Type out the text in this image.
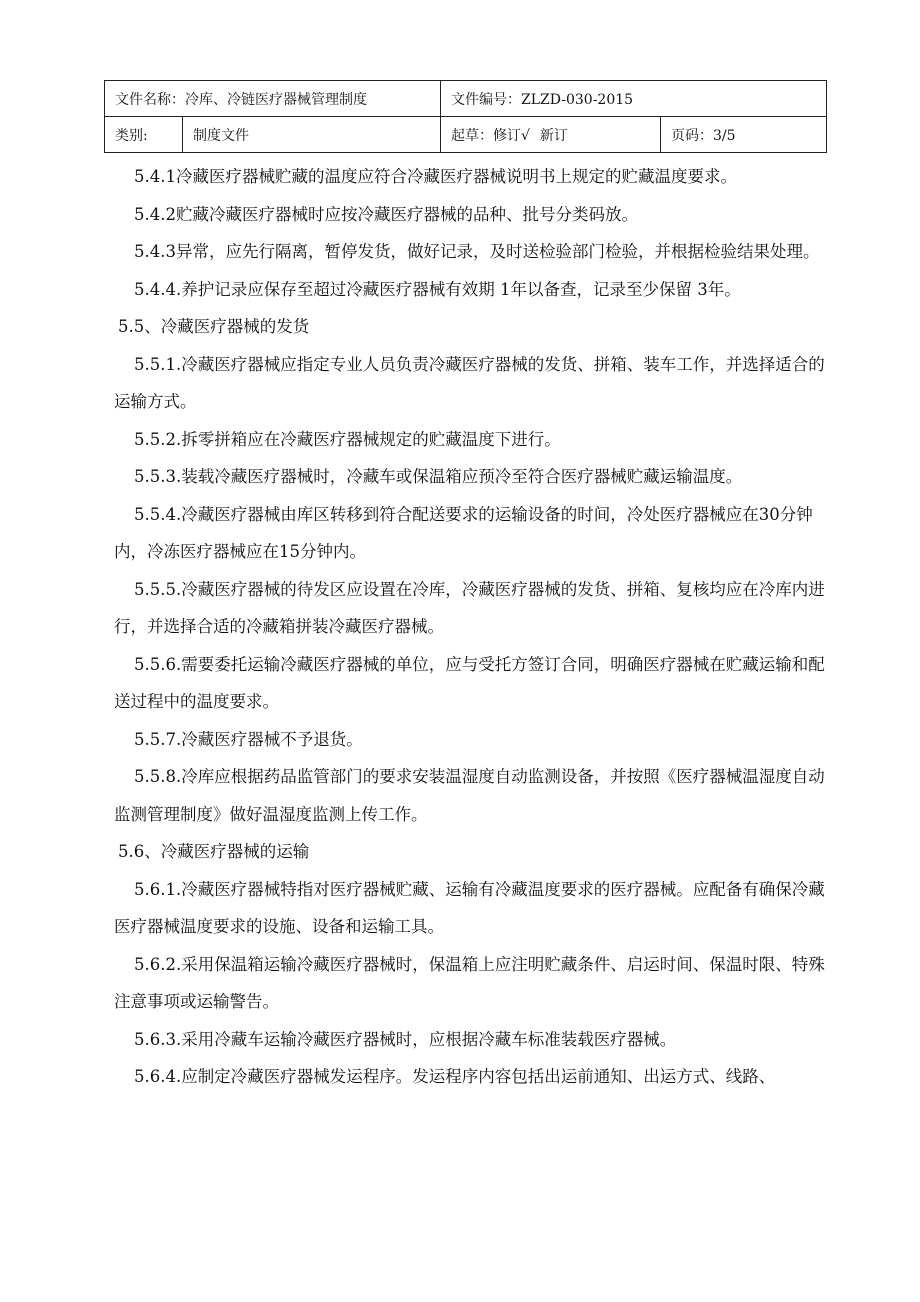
文件名称：冷库、冷链医疗器械管理制度		文件编号：ZLZD-030-2015	
类别:	制度文件	起草：修订√ 新订	页码：3/5

5.4.1冷藏医疗器械贮藏的温度应符合冷藏医疗器械说明书上规定的贮藏温度要求。

5.4.2贮藏冷藏医疗器械时应按冷藏医疗器械的品种、批号分类码放。

5.4.3异常，应先行隔离，暂停发货，做好记录，及时送检验部门检验，并根据检验结果处理。

5.4.4.养护记录应保存至超过冷藏医疗器械有效期 1年以备查，记录至少保留 3年。

5.5、冷藏医疗器械的发货

5.5.1.冷藏医疗器械应指定专业人员负责冷藏医疗器械的发货、拼箱、装车工作，并选择适合的运输方式。

5.5.2.拆零拼箱应在冷藏医疗器械规定的贮藏温度下进行。

5.5.3.装载冷藏医疗器械时，冷藏车或保温箱应预冷至符合医疗器械贮藏运输温度。

5.5.4.冷藏医疗器械由库区转移到符合配送要求的运输设备的时间，冷处医疗器械应在30分钟内，冷冻医疗器械应在15分钟内。

5.5.5.冷藏医疗器械的待发区应设置在冷库，冷藏医疗器械的发货、拼箱、复核均应在冷库内进行，并选择合适的冷藏箱拼装冷藏医疗器械。

5.5.6.需要委托运输冷藏医疗器械的单位，应与受托方签订合同，明确医疗器械在贮藏运输和配送过程中的温度要求。

5.5.7.冷藏医疗器械不予退货。

5.5.8.冷库应根据药品监管部门的要求安装温湿度自动监测设备，并按照《医疗器械温湿度自动监测管理制度》做好温湿度监测上传工作。

5.6、冷藏医疗器械的运输

5.6.1.冷藏医疗器械特指对医疗器械贮藏、运输有冷藏温度要求的医疗器械。应配备有确保冷藏医疗器械温度要求的设施、设备和运输工具。

5.6.2.采用保温箱运输冷藏医疗器械时，保温箱上应注明贮藏条件、启运时间、保温时限、特殊注意事项或运输警告。

5.6.3.采用冷藏车运输冷藏医疗器械时，应根据冷藏车标准装载医疗器械。

5.6.4.应制定冷藏医疗器械发运程序。发运程序内容包括出运前通知、出运方式、线路、
